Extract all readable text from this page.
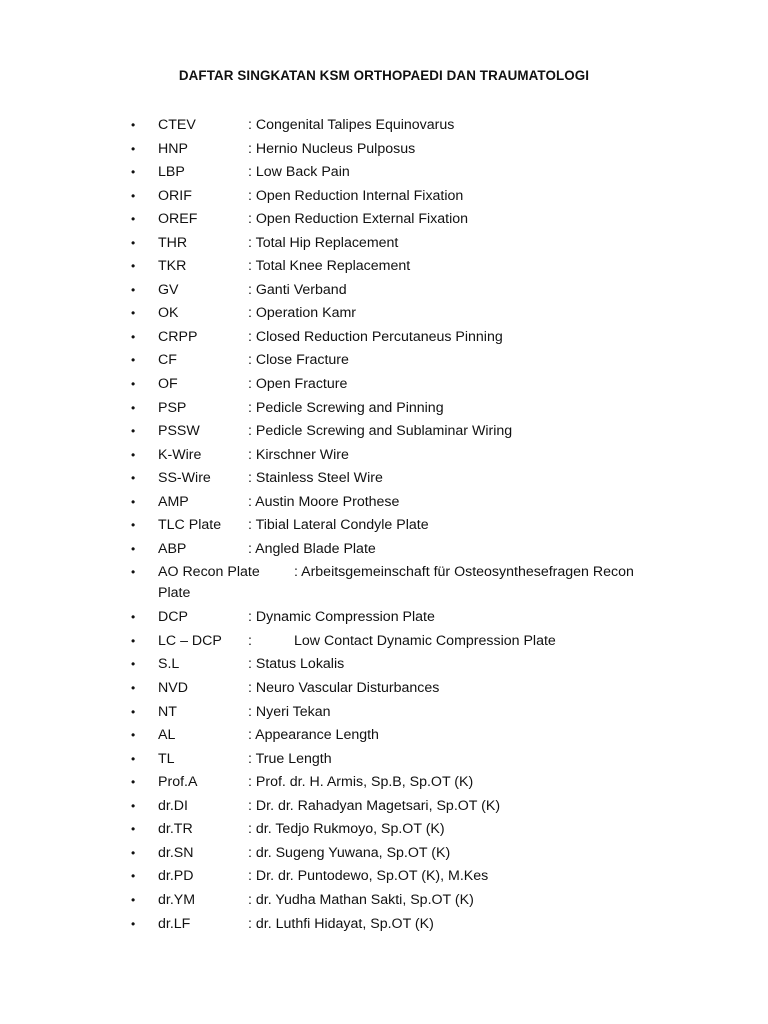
DAFTAR SINGKATAN KSM ORTHOPAEDI DAN TRAUMATOLOGI
• CTEV	: Congenital Talipes Equinovarus
• HNP	: Hernio Nucleus Pulposus
• LBP	: Low Back Pain
• ORIF	: Open Reduction Internal Fixation
• OREF	: Open Reduction External Fixation
• THR	: Total Hip Replacement
• TKR	: Total Knee Replacement
• GV	: Ganti Verband
• OK	: Operation Kamr
• CRPP	: Closed Reduction Percutaneus Pinning
• CF	: Close Fracture
• OF	: Open Fracture
• PSP	: Pedicle Screwing and Pinning
• PSSW	: Pedicle Screwing and Sublaminar Wiring
• K-Wire	: Kirschner Wire
• SS-Wire	: Stainless Steel Wire
• AMP	: Austin Moore Prothese
• TLC Plate : Tibial Lateral Condyle Plate
• ABP	: Angled Blade Plate
• AO Recon Plate : Arbeitsgemeinschaft für Osteosynthesefragen Recon
Plate
• DCP	: Dynamic Compression Plate
• LC – DCP :	Low Contact Dynamic Compression Plate
• S.L	: Status Lokalis
• NVD	: Neuro Vascular Disturbances
• NT	: Nyeri Tekan
• AL	: Appearance Length
• TL	: True Length
• Prof.A	: Prof. dr. H. Armis, Sp.B, Sp.OT (K)
• dr.DI	: Dr. dr. Rahadyan Magetsari, Sp.OT (K)
• dr.TR	: dr. Tedjo Rukmoyo, Sp.OT (K)
• dr.SN	: dr. Sugeng Yuwana, Sp.OT (K)
• dr.PD	: Dr. dr. Puntodewo, Sp.OT (K), M.Kes
• dr.YM	: dr. Yudha Mathan Sakti, Sp.OT (K)
• dr.LF	: dr. Luthfi Hidayat, Sp.OT (K)
